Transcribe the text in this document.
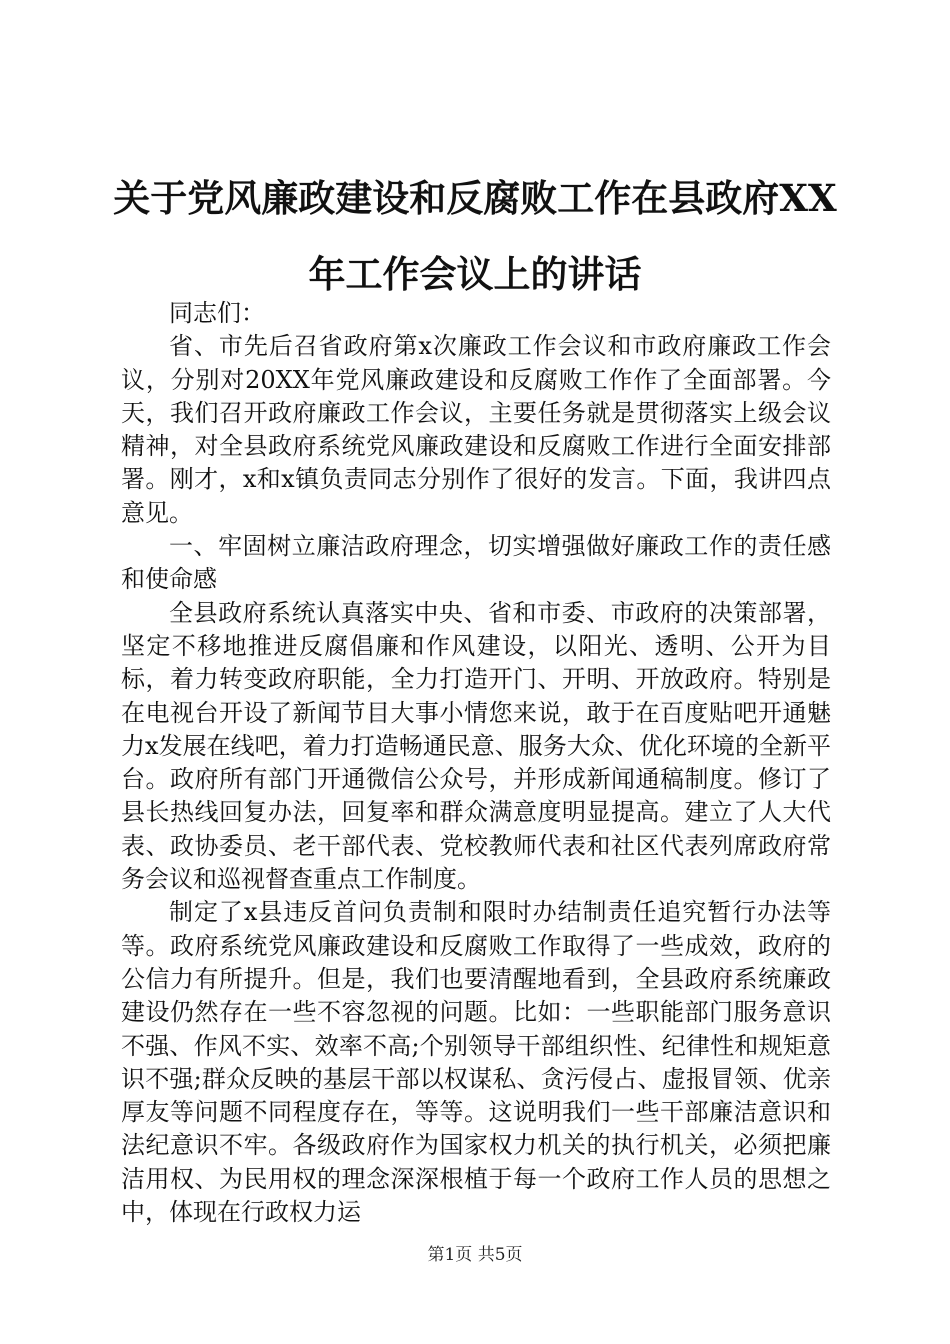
关于党风廉政建设和反腐败工作在县政府XX
年工作会议上的讲话

同志们：

省、市先后召省政府第x次廉政工作会议和市政府廉政工作会议，分别对20XX年党风廉政建设和反腐败工作作了全面部署。今天，我们召开政府廉政工作会议，主要任务就是贯彻落实上级会议精神，对全县政府系统党风廉政建设和反腐败工作进行全面安排部署。刚才，x和x镇负责同志分别作了很好的发言。下面，我讲四点意见。

一、牢固树立廉洁政府理念，切实增强做好廉政工作的责任感和使命感

全县政府系统认真落实中央、省和市委、市政府的决策部署，坚定不移地推进反腐倡廉和作风建设，以阳光、透明、公开为目标，着力转变政府职能，全力打造开门、开明、开放政府。特别是在电视台开设了新闻节目大事小情您来说，敢于在百度贴吧开通魅力x发展在线吧，着力打造畅通民意、服务大众、优化环境的全新平台。政府所有部门开通微信公众号，并形成新闻通稿制度。修订了县长热线回复办法，回复率和群众满意度明显提高。建立了人大代表、政协委员、老干部代表、党校教师代表和社区代表列席政府常务会议和巡视督查重点工作制度。

制定了x县违反首问负责制和限时办结制责任追究暂行办法等等。政府系统党风廉政建设和反腐败工作取得了一些成效，政府的公信力有所提升。但是，我们也要清醒地看到，全县政府系统廉政建设仍然存在一些不容忽视的问题。比如：一些职能部门服务意识不强、作风不实、效率不高;个别领导干部组织性、纪律性和规矩意识不强;群众反映的基层干部以权谋私、贪污侵占、虚报冒领、优亲厚友等问题不同程度存在，等等。这说明我们一些干部廉洁意识和法纪意识不牢。各级政府作为国家权力机关的执行机关，必须把廉洁用权、为民用权的理念深深根植于每一个政府工作人员的思想之中，体现在行政权力运

第1页 共5页
